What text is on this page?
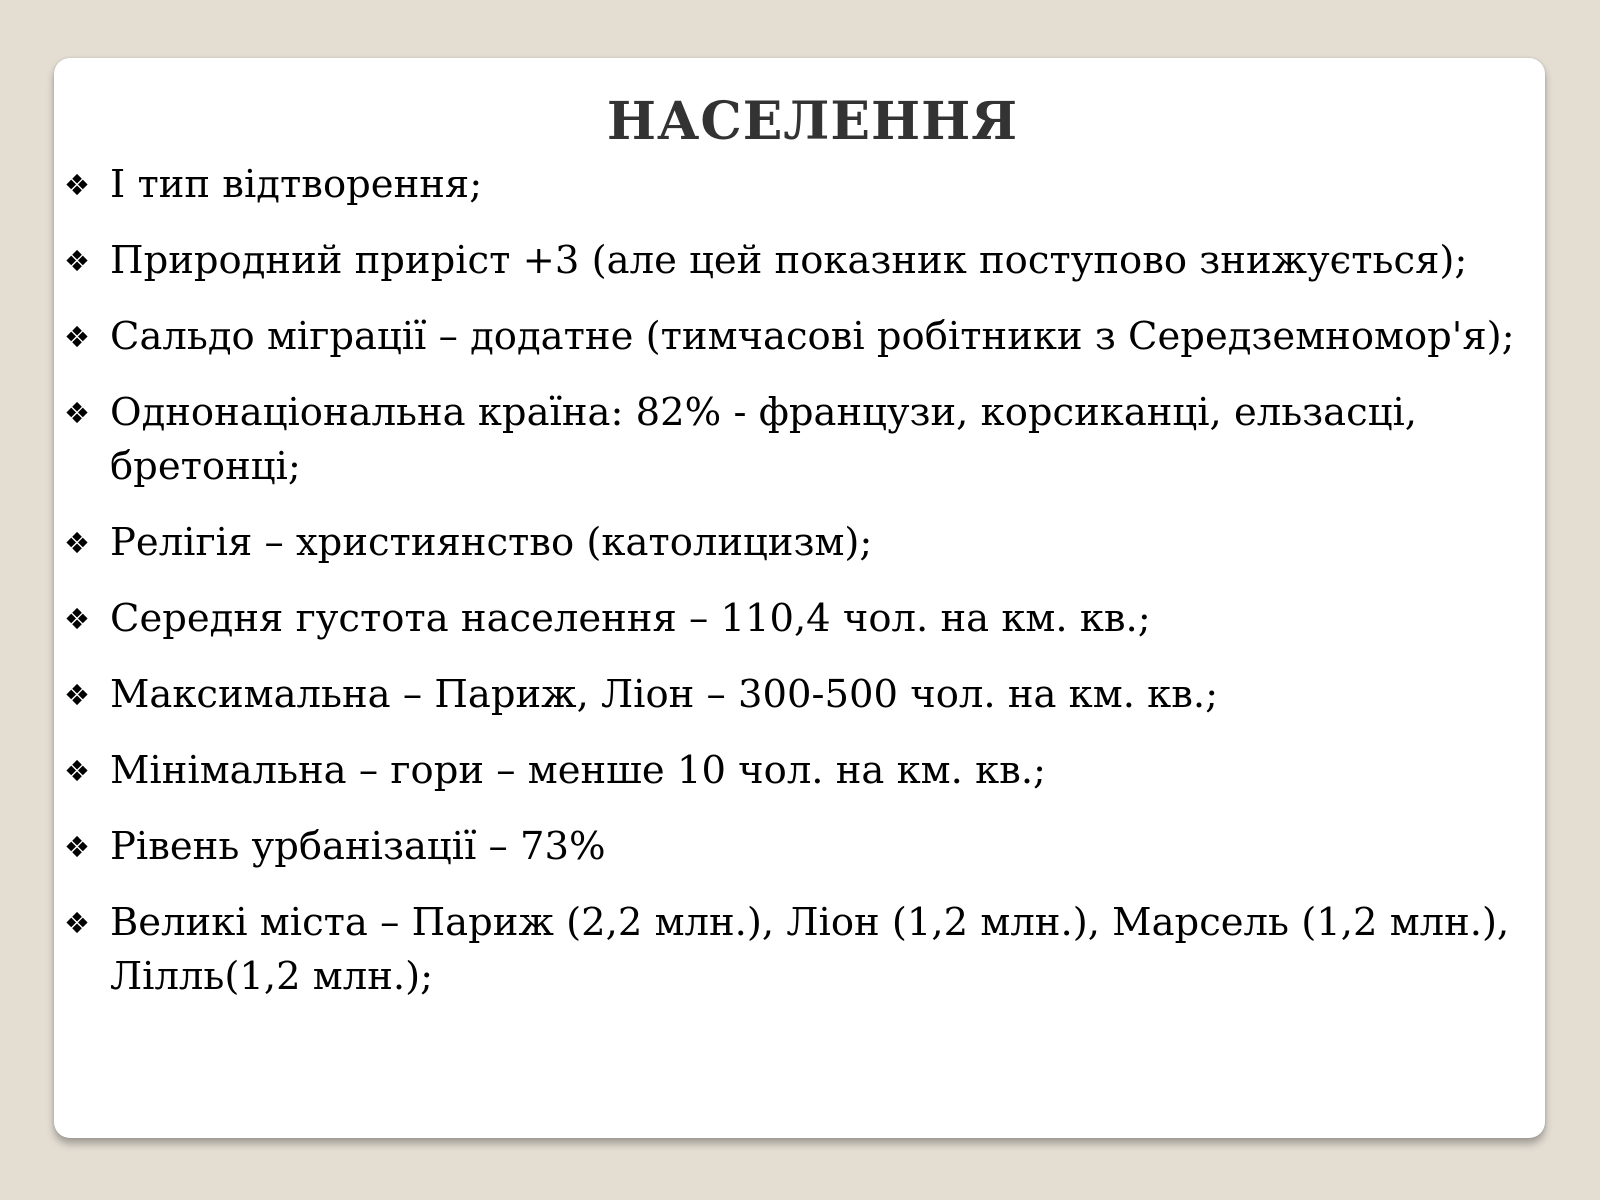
НАСЕЛЕННЯ
❖ І тип відтворення;
❖ Природний приріст +3 (але цей показник поступово знижується);
❖ Сальдо міграції – додатне (тимчасові робітники з Середземномор'я);
❖ Однонаціональна країна: 82% - французи, корсиканці, ельзасці, бретонці;
❖ Релігія – християнство (католицизм);
❖ Середня густота населення – 110,4 чол. на км. кв.;
❖ Максимальна – Париж, Ліон – 300-500 чол. на км. кв.;
❖ Мінімальна – гори – менше 10 чол. на км. кв.;
❖ Рівень урбанізації – 73%
❖ Великі міста – Париж (2,2 млн.), Ліон (1,2 млн.), Марсель (1,2 млн.), Лілль(1,2 млн.);
